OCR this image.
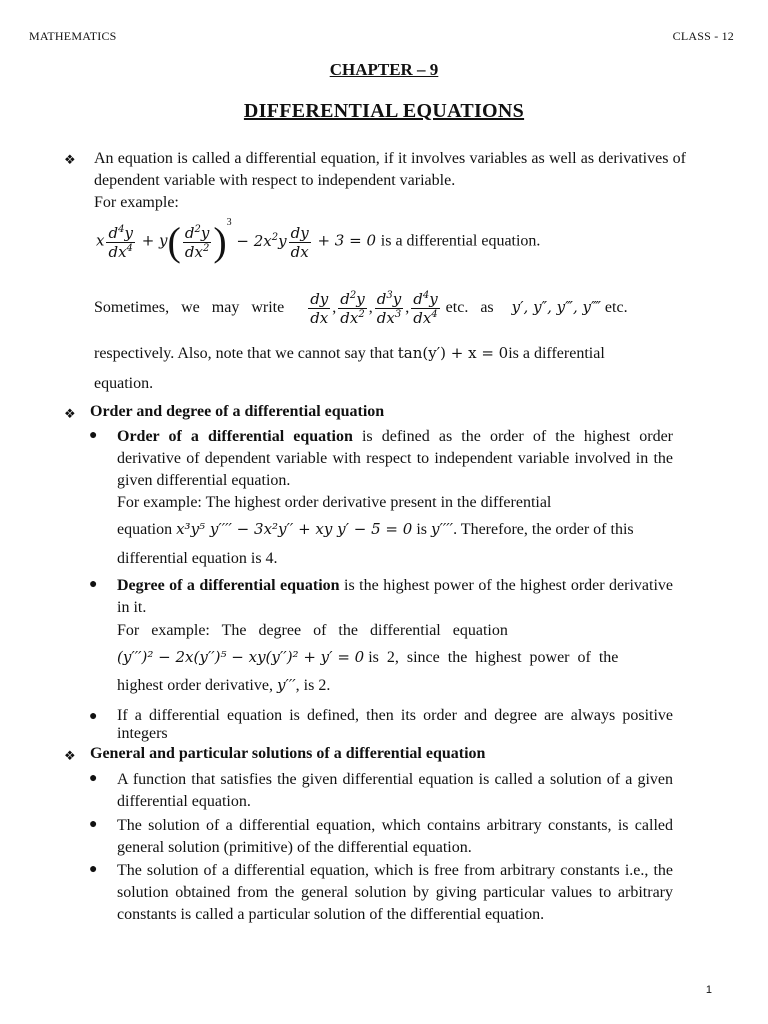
MATHEMATICS	CLASS - 12
CHAPTER – 9
DIFFERENTIAL EQUATIONS
❖ An equation is called a differential equation, if it involves variables as well as derivatives of dependent variable with respect to independent variable.
For example:
x $\frac{d^4y}{dx^4} + y( \frac{d^2y}{dx^2} )^3 - 2x^2y \frac{dy}{dx} + 3 = 0$ is a differential equation.
Sometimes,   we   may   write $\frac{dy}{dx}$ , $\frac{d^2y}{dx^2}$ , $\frac{d^3y}{dx^3}$ , $\frac{d^4y}{dx^4}$ etc.   as y′, y″, y‴, y⁗ etc.
respectively. Also, note that we cannot say that tan(y′) + x = 0is a differential
equation.
❖ Order and degree of a differential equation
● Order of a differential equation is defined as the order of the highest order derivative of dependent variable with respect to independent variable involved in the given differential equation.
For example: The highest order derivative present in the differential
equation x³y⁵ y′′′′ − 3x²y′′ + xy y′ − 5 = 0 is y′′′′. Therefore, the order of this
differential equation is 4.
● Degree of a differential equation is the highest power of the highest order derivative in it.
For   example:   The   degree   of   the   differential   equation
(y′′′)² − 2x(y′′)⁵ − xy(y′′)² + y′ = 0 is  2,  since  the  highest  power  of  the
highest order derivative, y′′′, is 2.
● If a differential equation is defined, then its order and degree are always positive integers
❖ General and particular solutions of a differential equation
● A function that satisfies the given differential equation is called a solution of a given differential equation.
● The solution of a differential equation, which contains arbitrary constants, is called general solution (primitive) of the differential equation.
● The solution of a differential equation, which is free from arbitrary constants i.e., the solution obtained from the general solution by giving particular values to arbitrary constants is called a particular solution of the differential equation.
1
